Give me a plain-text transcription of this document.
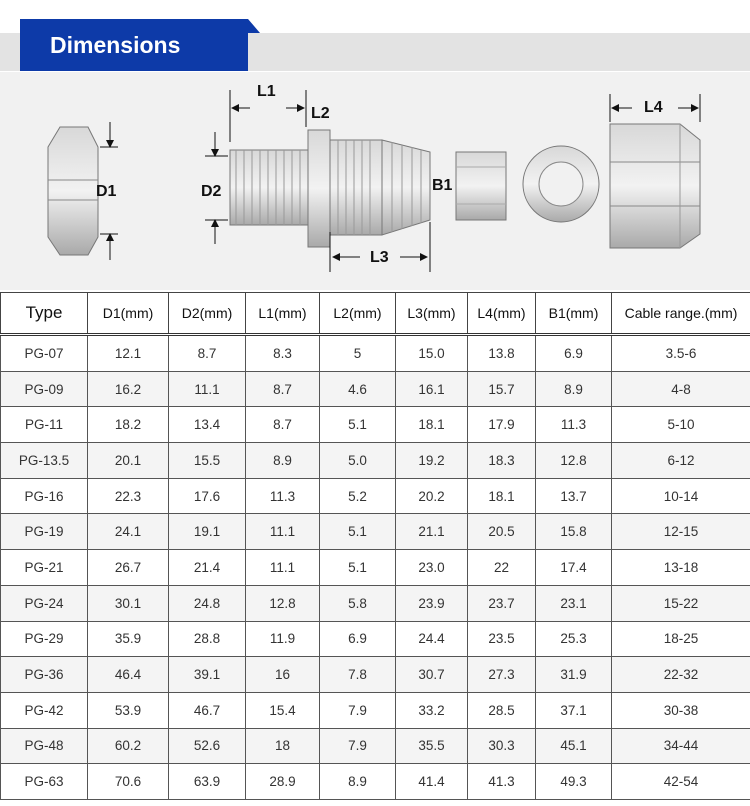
Dimensions
D1	D2
L1
L2
L3
B1
L4
Type	D1(mm)	D2(mm)	L1(mm)	L2(mm)	L3(mm)	L4(mm)	B1(mm)	Cable range.(mm)
PG-07	12.1	8.7	8.3	5	15.0	13.8	6.9	3.5-6
PG-09	16.2	11.1	8.7	4.6	16.1	15.7	8.9	4-8
PG-11	18.2	13.4	8.7	5.1	18.1	17.9	11.3	5-10
PG-13.5	20.1	15.5	8.9	5.0	19.2	18.3	12.8	6-12
PG-16	22.3	17.6	11.3	5.2	20.2	18.1	13.7	10-14
PG-19	24.1	19.1	11.1	5.1	21.1	20.5	15.8	12-15
PG-21	26.7	21.4	11.1	5.1	23.0	22	17.4	13-18
PG-24	30.1	24.8	12.8	5.8	23.9	23.7	23.1	15-22
PG-29	35.9	28.8	11.9	6.9	24.4	23.5	25.3	18-25
PG-36	46.4	39.1	16	7.8	30.7	27.3	31.9	22-32
PG-42	53.9	46.7	15.4	7.9	33.2	28.5	37.1	30-38
PG-48	60.2	52.6	18	7.9	35.5	30.3	45.1	34-44
PG-63	70.6	63.9	28.9	8.9	41.4	41.3	49.3	42-54
